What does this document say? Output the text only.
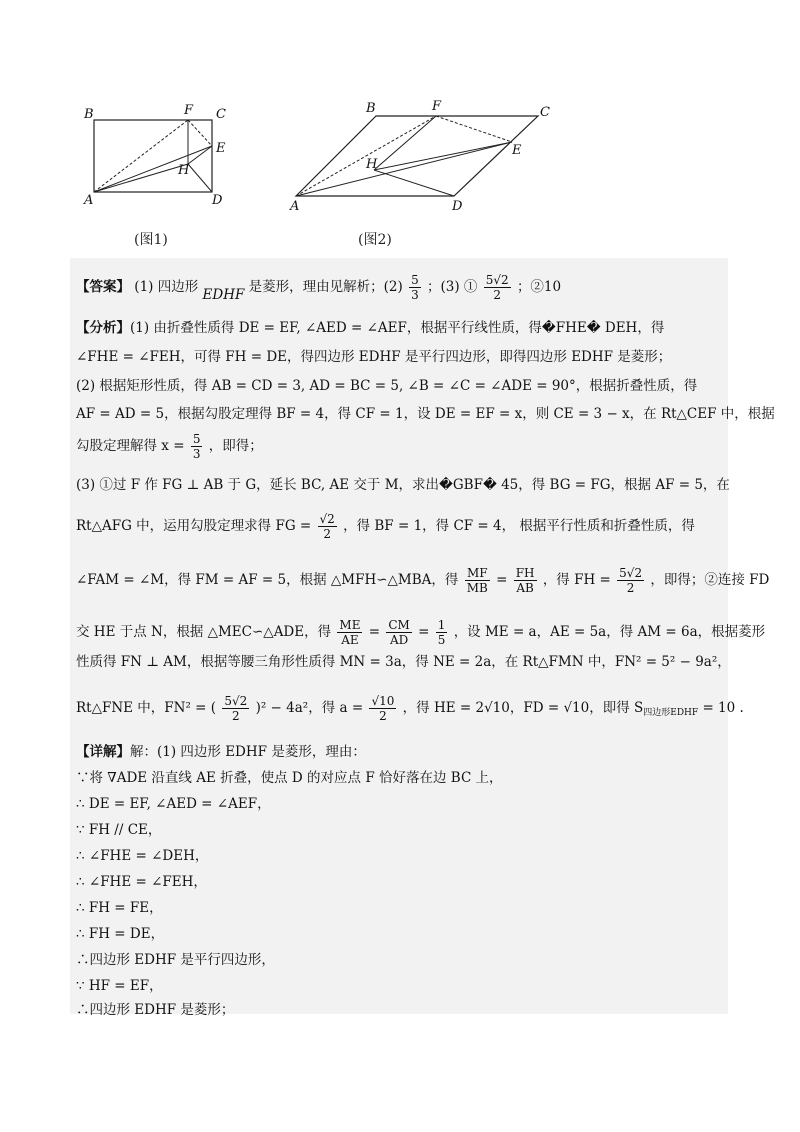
B	F C
E
H
A	D
(图1)
B	F	C
E
H
A	D
(图2)
【答案】 (1) 四边形 EDHF 是菱形，理由见解析；$(2) \frac{5}{3}$ ；(3) ① $\frac{5√2}{2}$ ；②10
【分析】(1) 由折叠性质得 DE = EF, ∠AED = ∠AEF，根据平行线性质，得�FHE� DEH，得
∠FHE = ∠FEH，可得 FH = DE，得四边形 EDHF 是平行四边形，即得四边形 EDHF 是菱形；
(2) 根据矩形性质，得 AB = CD = 3, AD = BC = 5, ∠B = ∠C = ∠ADE = 90°，根据折叠性质，得
AF = AD = 5，根据勾股定理得 BF = 4，得 CF = 1，设 DE = EF = x，则 CE = 3 − x，在 Rt△CEF 中，根据
勾股定理解得 $x = \frac{5}{3}$ ，即得；
(3) ①过 F 作 FG ⊥ AB 于 G，延长 BC, AE 交于 M，求出�GBF� 45，得 BG = FG，根据 AF = 5，在
Rt△AFG 中，运用勾股定理求得 FG = $\frac{√2}{2}$ ，得 BF = 1，得 CF = 4， 根据平行性质和折叠性质，得
∠FAM = ∠M，得 FM = AF = 5，根据 △MFH∽△MBA，得 $\frac{MF}{MB} = \frac{FH}{AB}$ ，得 FH = $\frac{5√2}{2}$ ，即得；②连接 FD
交 HE 于点 N，根据 △MEC∽△ADE，得 $\frac{ME}{AE} = \frac{CM}{AD} = \frac{1}{5}$ ，设 ME = a，AE = 5a，得 AM = 6a，根据菱形
性质得 FN ⊥ AM，根据等腰三角形性质得 MN = 3a，得 NE = 2a，在 Rt△FMN 中，FN² = 5² − 9a²，
Rt△FNE 中，FN² = ( $\frac{5√2}{2} )^2 - 4a^2$，得 $a = \frac{√10}{2}$ ，得 HE = 2√10，FD = √10，即得 $S_{四边形EDHF} = 10$ .
【详解】解：(1) 四边形 EDHF 是菱形，理由：
∵将 ∇ADE 沿直线 AE 折叠，使点 D 的对应点 F 恰好落在边 BC 上，
∴ DE = EF, ∠AED = ∠AEF，
∵ FH // CE，
∴ ∠FHE = ∠DEH，
∴ ∠FHE = ∠FEH，
∴ FH = FE，
∴ FH = DE，
∴四边形 EDHF 是平行四边形，
∵ HF = EF，
∴四边形 EDHF 是菱形；
